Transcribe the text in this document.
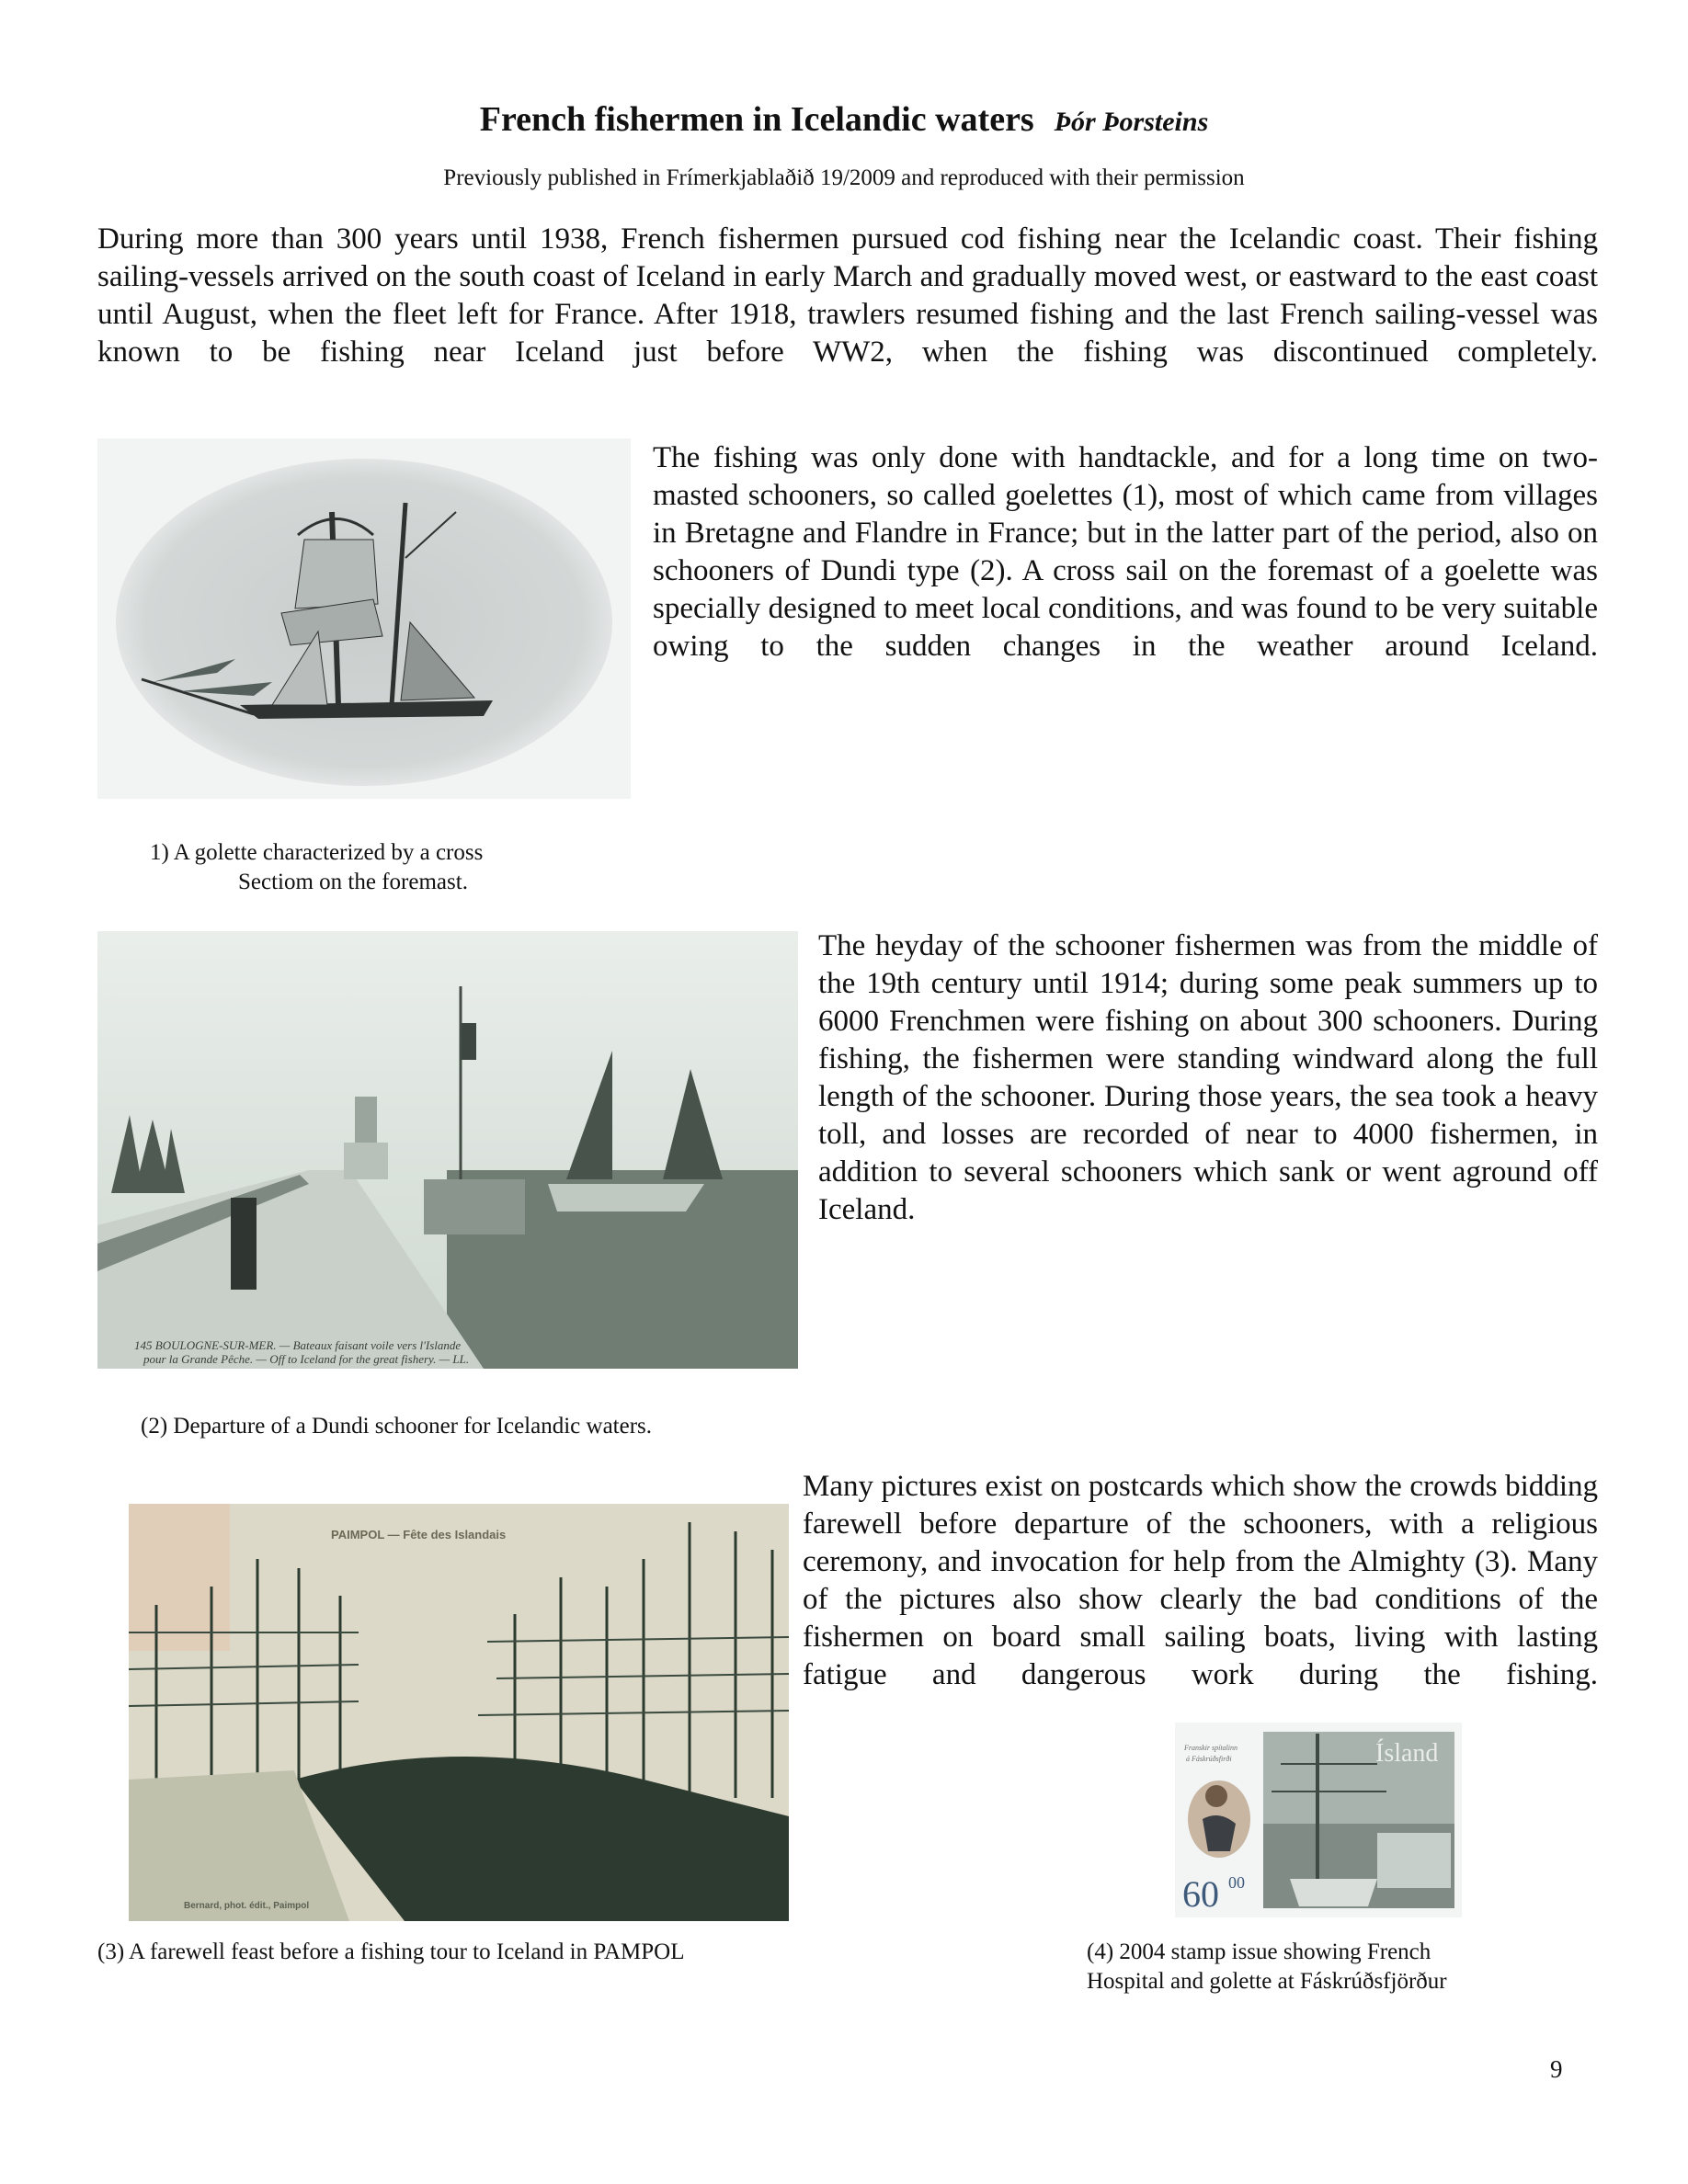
French fishermen in Icelandic waters Þór Þorsteins
Previously published in Frímerkjablaðið 19/2009 and reproduced with their permission
During more than 300 years until 1938, French fishermen pursued cod fishing near the Icelandic coast. Their fishing sailing-vessels arrived on the south coast of Iceland in early March and gradually moved west, or eastward to the east coast until August, when the fleet left for France. After 1918, trawlers resumed fishing and the last French sailing-vessel was known to be fishing near Iceland just before WW2, when the fishing was discontinued completely.
The fishing was only done with handtackle, and for a long time on two-masted schooners, so called goelettes (1), most of which came from villages in Bretagne and Flandre in France; but in the latter part of the period, also on schooners of Dundi type (2). A cross sail on the foremast of a goelette was specially designed to meet local conditions, and was found to be very suitable owing to the sudden changes in the weather around Iceland.
1) A golette characterized by a cross
Sectiom on the foremast.
145 BOULOGNE-SUR-MER. — Bateaux faisant voile vers l'Islande
pour la Grande Pêche. — Off to Iceland for the great fishery. — LL.
The heyday of the schooner fishermen was from the middle of the 19th century until 1914; during some peak summers up to 6000 Frenchmen were fishing on about 300 schooners. During fishing, the fishermen were standing windward along the full length of the schooner. During those years, the sea took a heavy toll, and losses are recorded of near to 4000 fishermen, in addition to several schooners which sank or went aground off Iceland.
(2) Departure of a Dundi schooner for Icelandic waters.
PAIMPOL — Fête des Islandais
Bernard, phot. édit., Paimpol
Many pictures exist on postcards which show the crowds bidding farewell before departure of the schooners, with a religious ceremony, and invocation for help from the Almighty (3). Many of the pictures also show clearly the bad conditions of the fishermen on board small sailing boats, living with lasting fatigue and dangerous work during the fishing.
Ísland
Franskir spítalinn
á Fáskrúðsfirði
60 00
(3) A farewell feast before a fishing tour to Iceland in PAMPOL	(4) 2004 stamp issue showing French
Hospital and golette at Fáskrúðsfjörður
9
